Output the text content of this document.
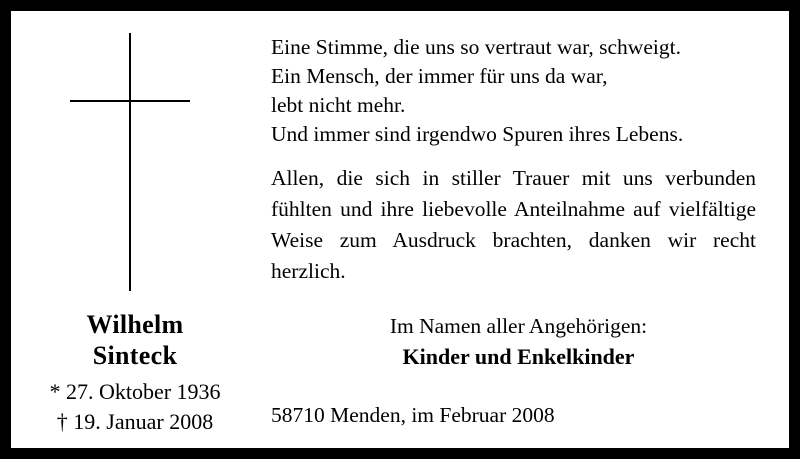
Wilhelm
Sinteck
* 27. Oktober 1936
† 19. Januar 2008

Eine Stimme, die uns so vertraut war, schweigt.

Ein Mensch, der immer für uns da war,

lebt nicht mehr.

Und immer sind irgendwo Spuren ihres Lebens.

Allen, die sich in stiller Trauer mit uns verbunden fühlten und ihre liebevolle Anteilnahme auf vielfältige Weise zum Ausdruck brachten, danken wir recht herzlich.
Im Namen aller Angehörigen:
Kinder und Enkelkinder
58710 Menden, im Februar 2008
